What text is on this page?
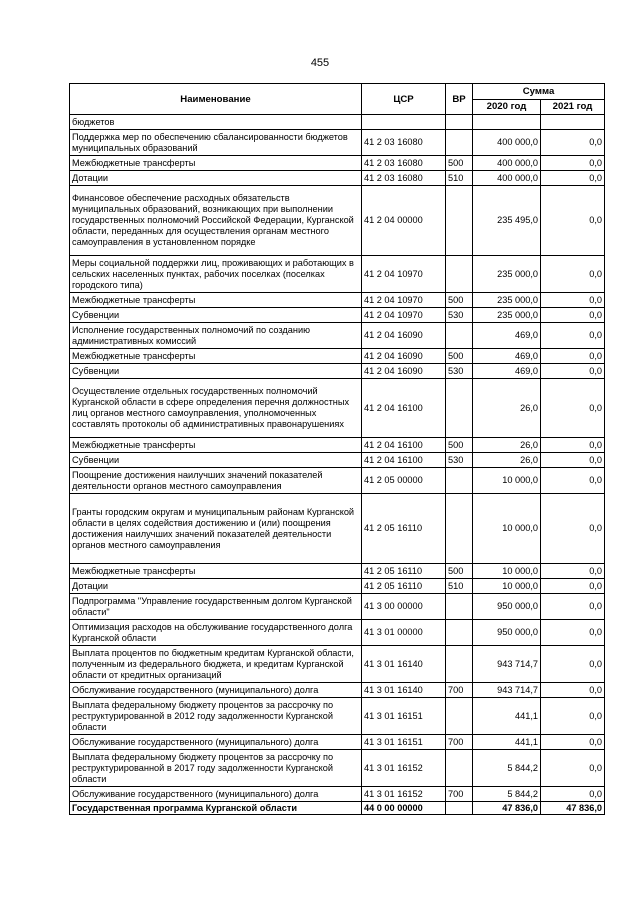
455
Наименование	ЦСР	ВР	Сумма	
			2020 год	2021 год
бюджетов				
Поддержка мер по обеспечению сбалансированности бюджетов муниципальных образований	41 2 03 16080		400 000,0	0,0
Межбюджетные трансферты	41 2 03 16080	500	400 000,0	0,0
Дотации	41 2 03 16080	510	400 000,0	0,0
Финансовое обеспечение расходных обязательств муниципальных образований, возникающих при выполнении государственных полномочий Российской Федерации, Курганской области, переданных для осуществления органам местного самоуправления в установленном порядке	41 2 04 00000		235 495,0	0,0
Меры социальной поддержки лиц, проживающих и работающих в сельских населенных пунктах, рабочих поселках (поселках городского типа)	41 2 04 10970		235 000,0	0,0
Межбюджетные трансферты	41 2 04 10970	500	235 000,0	0,0
Субвенции	41 2 04 10970	530	235 000,0	0,0
Исполнение государственных полномочий по созданию административных комиссий	41 2 04 16090		469,0	0,0
Межбюджетные трансферты	41 2 04 16090	500	469,0	0,0
Субвенции	41 2 04 16090	530	469,0	0,0
Осуществление отдельных государственных полномочий Курганской области в сфере определения перечня должностных лиц органов местного самоуправления, уполномоченных составлять протоколы об административных правонарушениях	41 2 04 16100		26,0	0,0
Межбюджетные трансферты	41 2 04 16100	500	26,0	0,0
Субвенции	41 2 04 16100	530	26,0	0,0
Поощрение достижения наилучших значений показателей деятельности органов местного самоуправления	41 2 05 00000		10 000,0	0,0
Гранты городским округам и муниципальным районам Курганской области в целях содействия достижению и (или) поощрения достижения наилучших значений показателей деятельности органов местного самоуправления	41 2 05 16110		10 000,0	0,0
Межбюджетные трансферты	41 2 05 16110	500	10 000,0	0,0
Дотации	41 2 05 16110	510	10 000,0	0,0
Подпрограмма "Управление государственным долгом Курганской области"	41 3 00 00000		950 000,0	0,0
Оптимизация расходов на обслуживание государственного долга Курганской области	41 3 01 00000		950 000,0	0,0
Выплата процентов по бюджетным кредитам Курганской области, полученным из федерального бюджета, и кредитам Курганской области от кредитных организаций	41 3 01 16140		943 714,7	0,0
Обслуживание государственного (муниципального) долга	41 3 01 16140	700	943 714,7	0,0
Выплата федеральному бюджету процентов за рассрочку по реструктурированной в 2012 году задолженности Курганской области	41 3 01 16151		441,1	0,0
Обслуживание государственного (муниципального) долга	41 3 01 16151	700	441,1	0,0
Выплата федеральному бюджету процентов за рассрочку по реструктурированной в 2017 году задолженности Курганской области	41 3 01 16152		5 844,2	0,0
Обслуживание государственного (муниципального) долга	41 3 01 16152	700	5 844,2	0,0
Государственная программа Курганской области	44 0 00 00000		47 836,0	47 836,0
